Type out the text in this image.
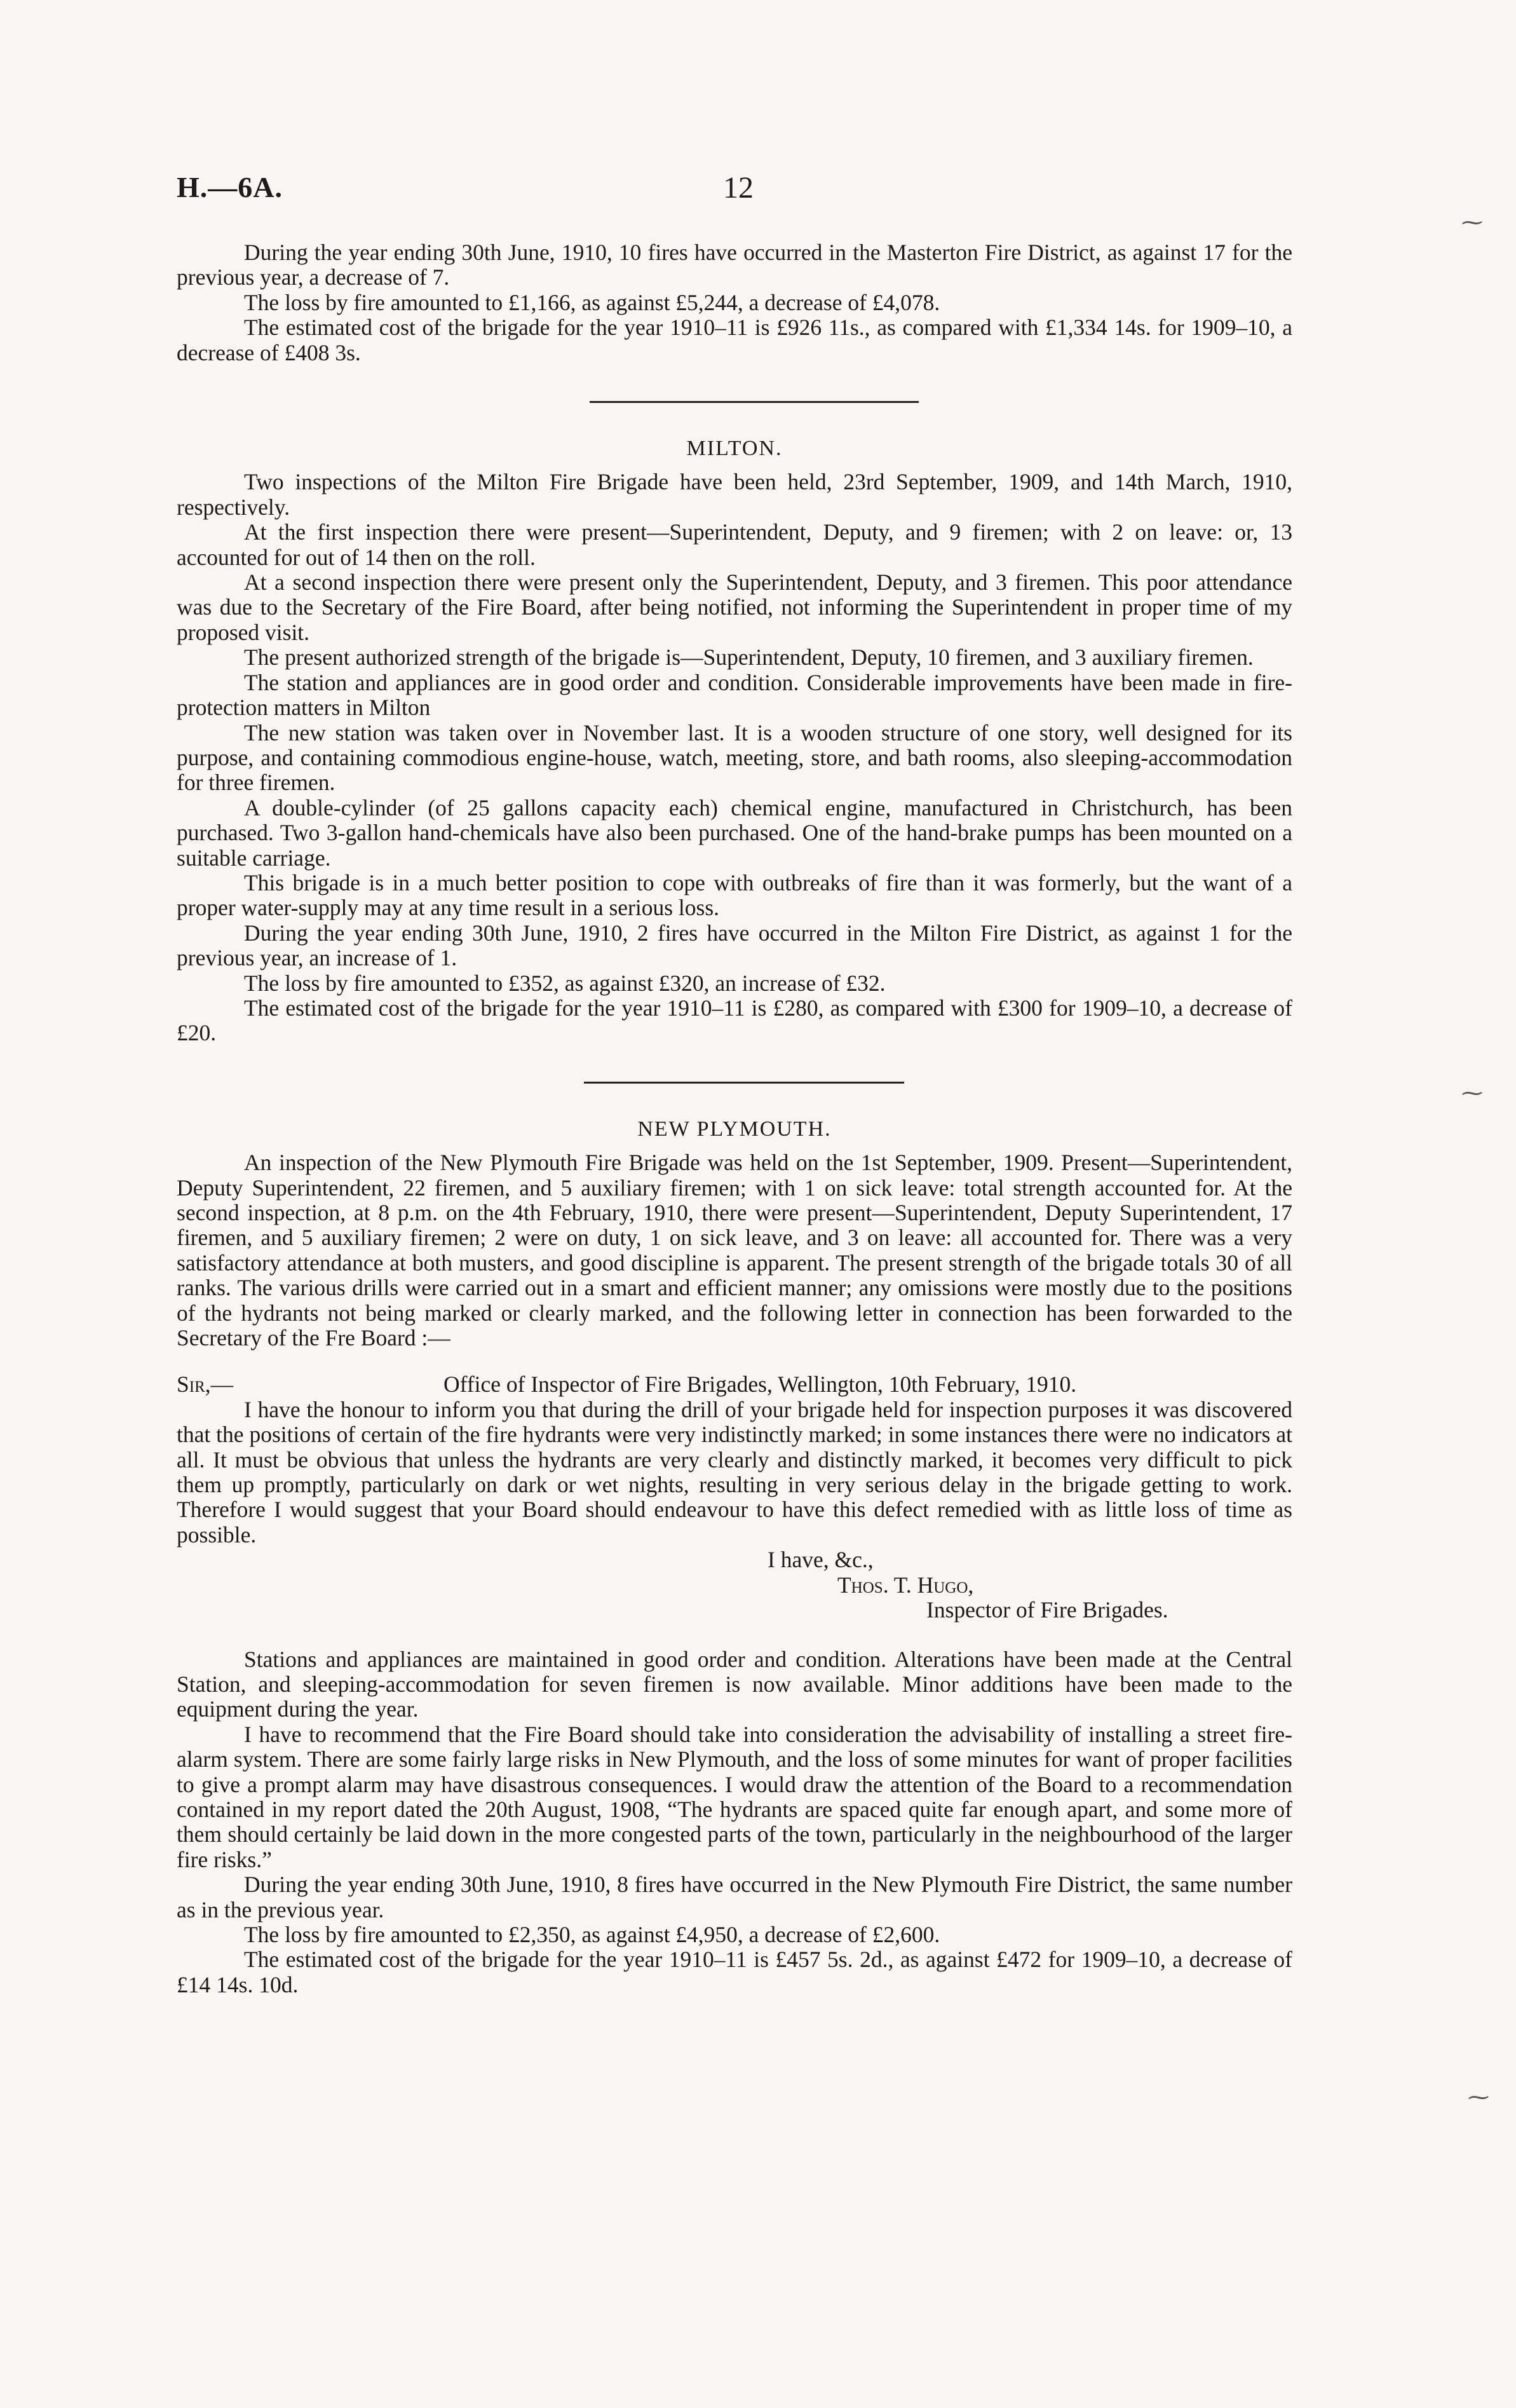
H.—6A.	12

During the year ending 30th June, 1910, 10 fires have occurred in the Masterton Fire District, as against 17 for the previous year, a decrease of 7.

The loss by fire amounted to £1,166, as against £5,244, a decrease of £4,078.

The estimated cost of the brigade for the year 1910–11 is £926 11s., as compared with £1,334 14s. for 1909–10, a decrease of £408 3s.

MILTON.

Two inspections of the Milton Fire Brigade have been held, 23rd September, 1909, and 14th March, 1910, respectively.

At the first inspection there were present—Superintendent, Deputy, and 9 firemen; with 2 on leave: or, 13 accounted for out of 14 then on the roll.

At a second inspection there were present only the Superintendent, Deputy, and 3 firemen. This poor attendance was due to the Secretary of the Fire Board, after being notified, not informing the Superintendent in proper time of my proposed visit.

The present authorized strength of the brigade is—Superintendent, Deputy, 10 firemen, and 3 auxiliary firemen.

The station and appliances are in good order and condition. Considerable improvements have been made in fire-protection matters in Milton

The new station was taken over in November last. It is a wooden structure of one story, well designed for its purpose, and containing commodious engine-house, watch, meeting, store, and bath rooms, also sleeping-accommodation for three firemen.

A double-cylinder (of 25 gallons capacity each) chemical engine, manufactured in Christchurch, has been purchased. Two 3-gallon hand-chemicals have also been purchased. One of the hand-brake pumps has been mounted on a suitable carriage.

This brigade is in a much better position to cope with outbreaks of fire than it was formerly, but the want of a proper water-supply may at any time result in a serious loss.

During the year ending 30th June, 1910, 2 fires have occurred in the Milton Fire District, as against 1 for the previous year, an increase of 1.

The loss by fire amounted to £352, as against £320, an increase of £32.

The estimated cost of the brigade for the year 1910–11 is £280, as compared with £300 for 1909–10, a decrease of £20.

NEW PLYMOUTH.

An inspection of the New Plymouth Fire Brigade was held on the 1st September, 1909. Present—Superintendent, Deputy Superintendent, 22 firemen, and 5 auxiliary firemen; with 1 on sick leave: total strength accounted for. At the second inspection, at 8 p.m. on the 4th February, 1910, there were present—Superintendent, Deputy Superintendent, 17 firemen, and 5 auxiliary firemen; 2 were on duty, 1 on sick leave, and 3 on leave: all accounted for. There was a very satisfactory attendance at both musters, and good discipline is apparent. The present strength of the brigade totals 30 of all ranks. The various drills were carried out in a smart and efficient manner; any omissions were mostly due to the positions of the hydrants not being marked or clearly marked, and the following letter in connection has been forwarded to the Secretary of the Fre Board :—

Sir,—	Office of Inspector of Fire Brigades, Wellington, 10th February, 1910.

I have the honour to inform you that during the drill of your brigade held for inspection purposes it was discovered that the positions of certain of the fire hydrants were very indistinctly marked; in some instances there were no indicators at all. It must be obvious that unless the hydrants are very clearly and distinctly marked, it becomes very difficult to pick them up promptly, particularly on dark or wet nights, resulting in very serious delay in the brigade getting to work. Therefore I would suggest that your Board should endeavour to have this defect remedied with as little loss of time as possible.

I have, &c.,
Thos. T. Hugo,
Inspector of Fire Brigades.

Stations and appliances are maintained in good order and condition. Alterations have been made at the Central Station, and sleeping-accommodation for seven firemen is now available. Minor additions have been made to the equipment during the year.

I have to recommend that the Fire Board should take into consideration the advisability of installing a street fire-alarm system. There are some fairly large risks in New Plymouth, and the loss of some minutes for want of proper facilities to give a prompt alarm may have disastrous consequences. I would draw the attention of the Board to a recommendation contained in my report dated the 20th August, 1908, “The hydrants are spaced quite far enough apart, and some more of them should certainly be laid down in the more congested parts of the town, particularly in the neighbourhood of the larger fire risks.”

During the year ending 30th June, 1910, 8 fires have occurred in the New Plymouth Fire District, the same number as in the previous year.

The loss by fire amounted to £2,350, as against £4,950, a decrease of £2,600.

The estimated cost of the brigade for the year 1910–11 is £457 5s. 2d., as against £472 for 1909–10, a decrease of £14 14s. 10d.

⁓
⁓
⁓
